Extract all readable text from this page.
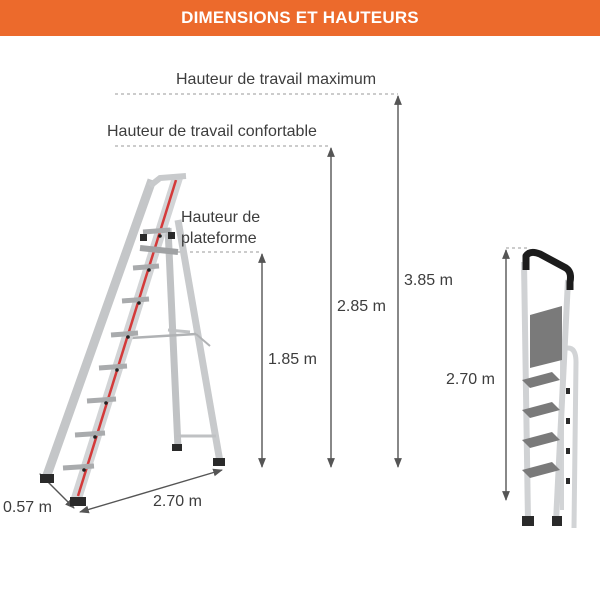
DIMENSIONS ET HAUTEURS
Hauteur de travail maximum
Hauteur de travail confortable
Hauteur de
plateforme
1.85 m
2.85 m
3.85 m
2.70 m
0.57 m
2.70 m
